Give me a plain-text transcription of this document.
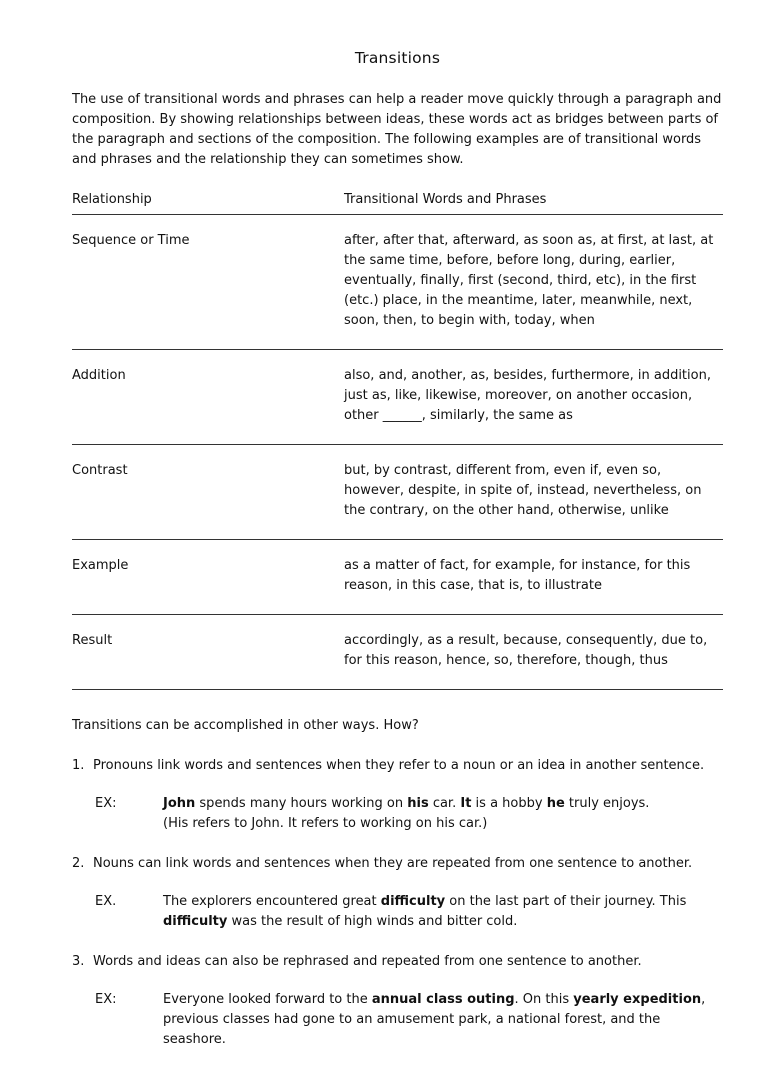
Transitions

The use of transitional words and phrases can help a reader move quickly through a paragraph and composition. By showing relationships between ideas, these words act as bridges between parts of the paragraph and sections of the composition. The following examples are of transitional words and phrases and the relationship they can sometimes show.

Relationship	Transitional Words and Phrases
Sequence or Time	after, after that, afterward, as soon as, at first, at last, at the same time, before, before long, during, earlier, eventually, finally, first (second, third, etc), in the first (etc.) place, in the meantime, later, meanwhile, next, soon, then, to begin with, today, when
Addition	also, and, another, as, besides, furthermore, in addition, just as, like, likewise, moreover, on another occasion, other ______, similarly, the same as
Contrast	but, by contrast, different from, even if, even so, however, despite, in spite of, instead, nevertheless, on the contrary, on the other hand, otherwise, unlike
Example	as a matter of fact, for example, for instance, for this reason, in this case, that is, to illustrate
Result	accordingly, as a result, because, consequently, due to, for this reason, hence, so, therefore, though, thus

Transitions can be accomplished in other ways. How?

1. Pronouns link words and sentences when they refer to a noun or an idea in another sentence.

EX:	John spends many hours working on his car. It is a hobby he truly enjoys.
(His refers to John. It refers to working on his car.)

2. Nouns can link words and sentences when they are repeated from one sentence to another.

EX.	The explorers encountered great difficulty on the last part of their journey. This
difficulty was the result of high winds and bitter cold.

3. Words and ideas can also be rephrased and repeated from one sentence to another.

EX:	Everyone looked forward to the annual class outing. On this yearly expedition,
previous classes had gone to an amusement park, a national forest, and the seashore.
